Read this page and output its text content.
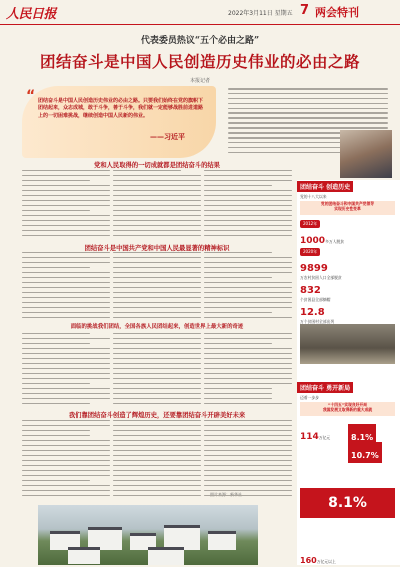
人民日报	2022年3月11日 星期五 7 两会特刊
代表委员热议“五个必由之路”
团结奋斗是中国人民创造历史伟业的必由之路
本报记者
“ 团结奋斗是中国人民创造历史伟业的必由之路。只要我们始终在党的旗帜下团结起来，众志成城，敢于斗争，善于斗争，我们就一定能够战胜前进道路上的一切困难挑战，继续创造中国人民新的伟业。
——习近平
党和人民取得的一切成就都是团结奋斗的结果
团结奋斗是中国共产党和中国人民最显著的精神标识
面临的挑战我们团结，全国各族人民团结起来，创造世界上最大新的奇迹
我们靠团结奋斗创造了辉煌历史，还要靠团结奋斗开辟美好未来
团结奋斗 创造历史
党的十八大以来
党的团结奋斗和中国共产党领导
实现历史性变革
2012年
1000多万人脱贫
2020年
9899
万农村贫困人口全部脱贫
832
个贫困县全部摘帽
12.8
万个贫困村全部出列
团结奋斗 勇开新局
迈着一步步
“十四五”实现良好开局
我国发展又取得新的重大成就
114万亿元	8.1%
10.7%
8.1%
160万亿元以上
